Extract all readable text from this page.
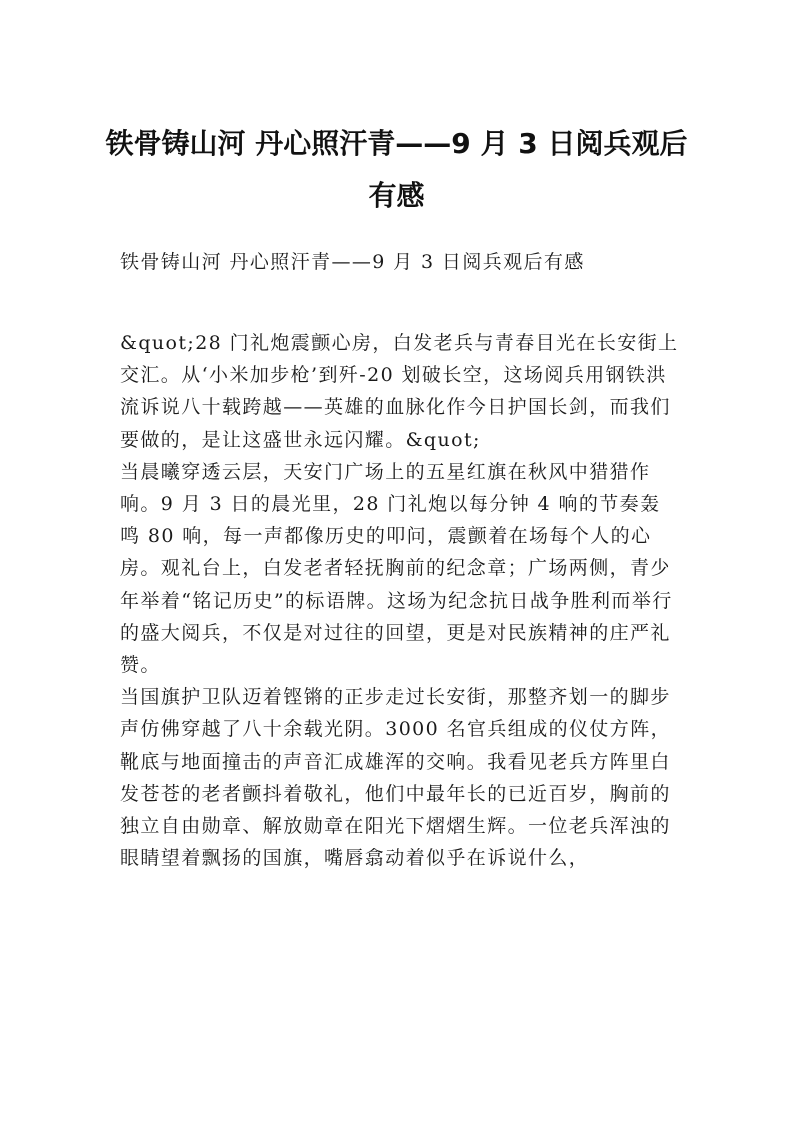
铁骨铸山河 丹心照汗青——9 月 3 日阅兵观后有感
铁骨铸山河 丹心照汗青——9 月 3 日阅兵观后有感

&quot;28 门礼炮震颤心房，白发老兵与青春目光在长安街上交汇。从‘小米加步枪’到歼-20 划破长空，这场阅兵用钢铁洪流诉说八十载跨越——英雄的血脉化作今日护国长剑，而我们要做的，是让这盛世永远闪耀。&quot;

当晨曦穿透云层，天安门广场上的五星红旗在秋风中猎猎作响。9 月 3 日的晨光里，28 门礼炮以每分钟 4 响的节奏轰鸣 80 响，每一声都像历史的叩问，震颤着在场每个人的心房。观礼台上，白发老者轻抚胸前的纪念章；广场两侧，青少年举着“铭记历史”的标语牌。这场为纪念抗日战争胜利而举行的盛大阅兵，不仅是对过往的回望，更是对民族精神的庄严礼赞。

当国旗护卫队迈着铿锵的正步走过长安街，那整齐划一的脚步声仿佛穿越了八十余载光阴。3000 名官兵组成的仪仗方阵，靴底与地面撞击的声音汇成雄浑的交响。我看见老兵方阵里白发苍苍的老者颤抖着敬礼，他们中最年长的已近百岁，胸前的独立自由勋章、解放勋章在阳光下熠熠生辉。一位老兵浑浊的眼睛望着飘扬的国旗，嘴唇翕动着似乎在诉说什么，
